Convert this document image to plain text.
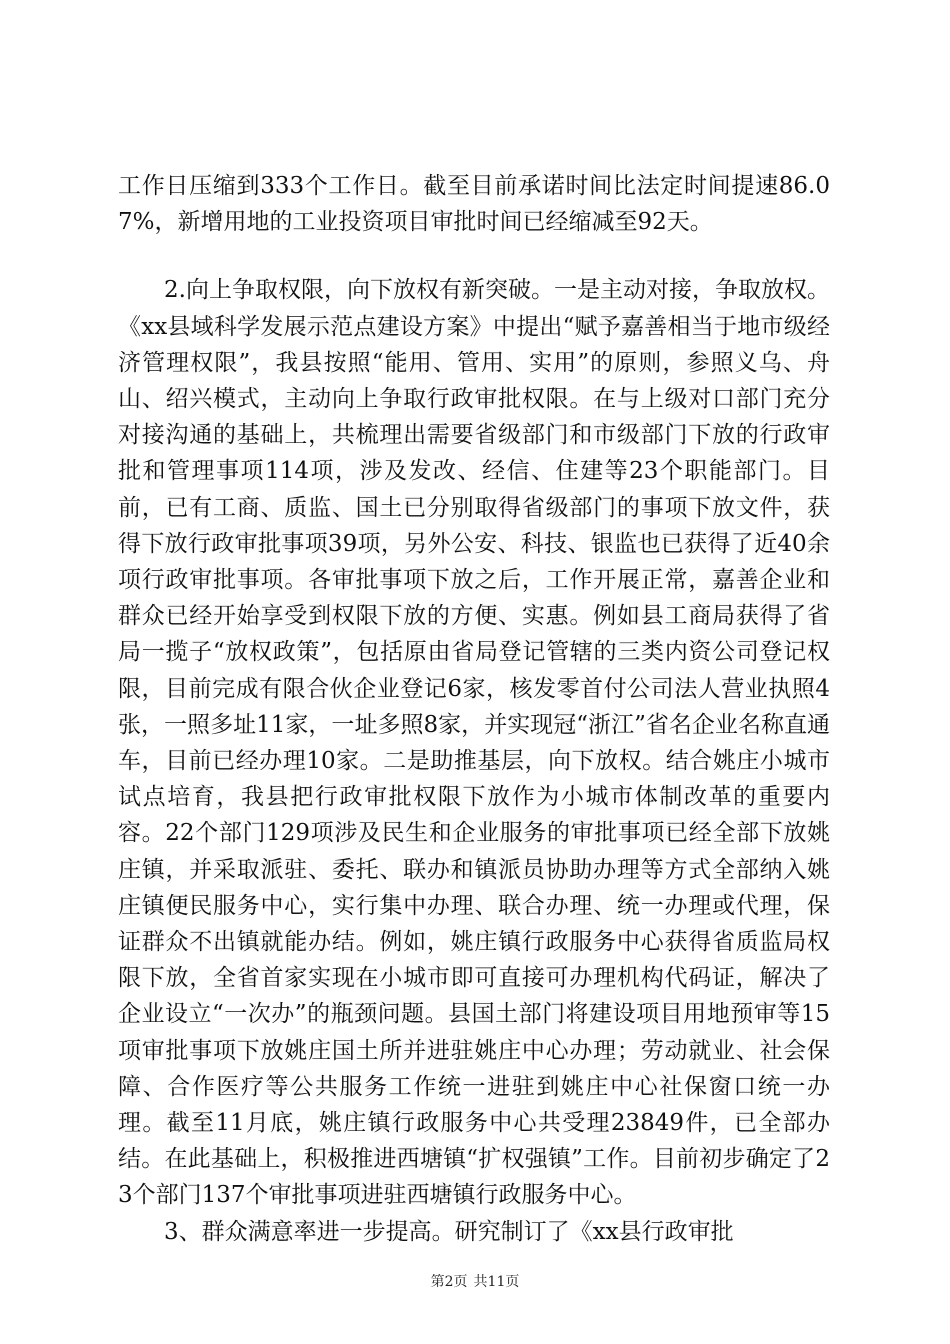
工作日压缩到333个工作日。截至目前承诺时间比法定时间提速86.07%，新增用地的工业投资项目审批时间已经缩减至92天。

2.向上争取权限，向下放权有新突破。一是主动对接，争取放权。《xx县域科学发展示范点建设方案》中提出“赋予嘉善相当于地市级经济管理权限”，我县按照“能用、管用、实用”的原则，参照义乌、舟山、绍兴模式，主动向上争取行政审批权限。在与上级对口部门充分对接沟通的基础上，共梳理出需要省级部门和市级部门下放的行政审批和管理事项114项，涉及发改、经信、住建等23个职能部门。目前，已有工商、质监、国土已分别取得省级部门的事项下放文件，获得下放行政审批事项39项，另外公安、科技、银监也已获得了近40余项行政审批事项。各审批事项下放之后，工作开展正常，嘉善企业和群众已经开始享受到权限下放的方便、实惠。例如县工商局获得了省局一揽子“放权政策”，包括原由省局登记管辖的三类内资公司登记权限，目前完成有限合伙企业登记6家，核发零首付公司法人营业执照4张，一照多址11家，一址多照8家，并实现冠“浙江”省名企业名称直通车，目前已经办理10家。二是助推基层，向下放权。结合姚庄小城市试点培育，我县把行政审批权限下放作为小城市体制改革的重要内容。22个部门129项涉及民生和企业服务的审批事项已经全部下放姚庄镇，并采取派驻、委托、联办和镇派员协助办理等方式全部纳入姚庄镇便民服务中心，实行集中办理、联合办理、统一办理或代理，保证群众不出镇就能办结。例如，姚庄镇行政服务中心获得省质监局权限下放，全省首家实现在小城市即可直接可办理机构代码证，解决了企业设立“一次办”的瓶颈问题。县国土部门将建设项目用地预审等15项审批事项下放姚庄国土所并进驻姚庄中心办理；劳动就业、社会保障、合作医疗等公共服务工作统一进驻到姚庄中心社保窗口统一办理。截至11月底，姚庄镇行政服务中心共受理23849件，已全部办结。在此基础上，积极推进西塘镇“扩权强镇”工作。目前初步确定了23个部门137个审批事项进驻西塘镇行政服务中心。

3、群众满意率进一步提高。研究制订了《xx县行政审批

第2页 共11页
